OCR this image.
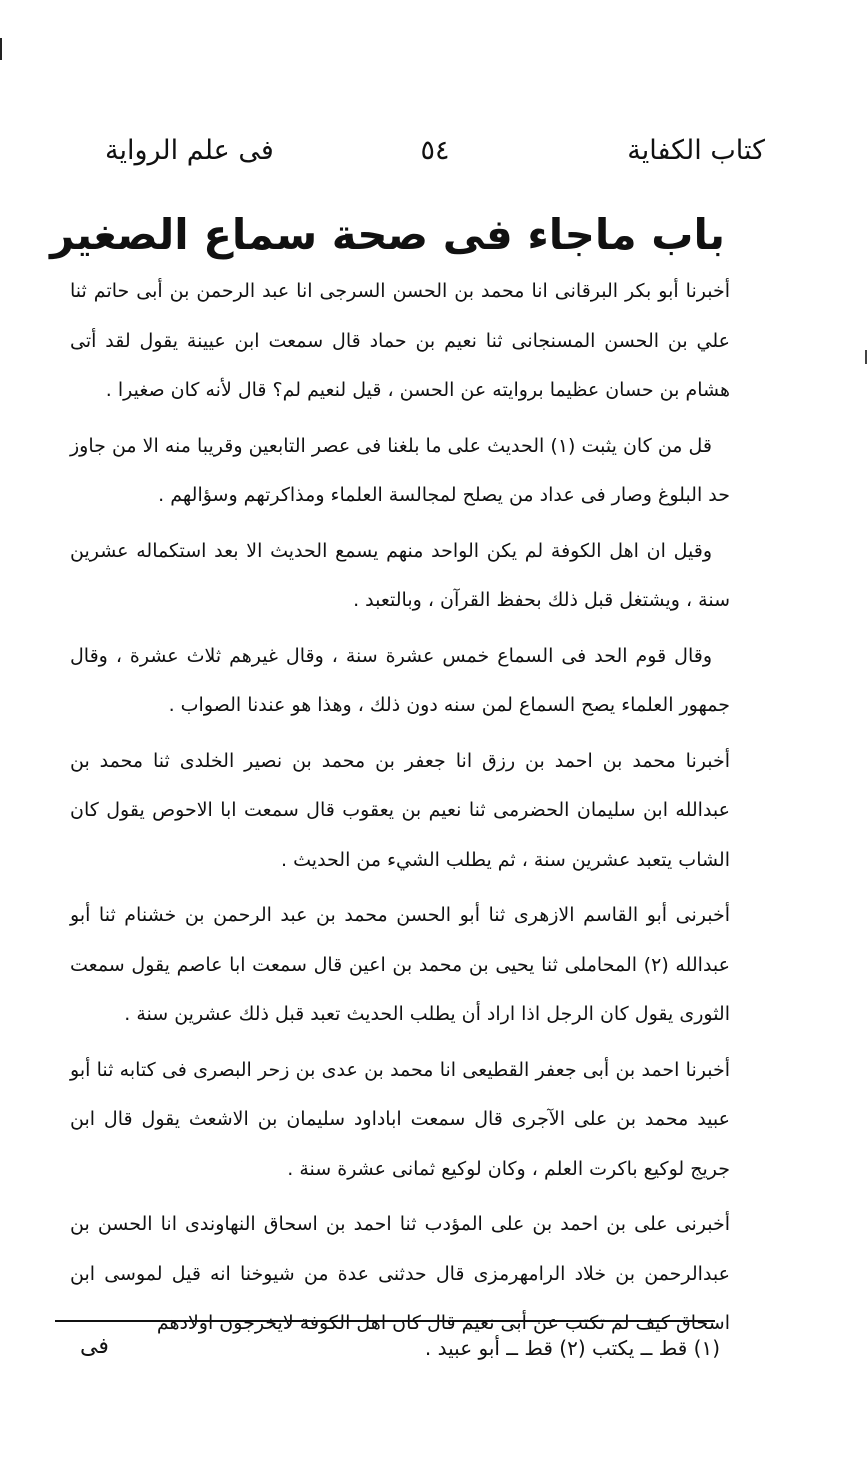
كتاب الكفاية
٥٤
فى علم الرواية
باب ماجاء فى صحة سماع الصغير

أخبرنا أبو بكر البرقانى انا محمد بن الحسن السرجى انا عبد الرحمن بن أبى حاتم ثنا علي بن الحسن المسنجانى ثنا نعيم بن حماد قال سمعت ابن عيينة يقول لقد أتى هشام بن حسان عظيما بروايته عن الحسن ، قيل لنعيم لم؟ قال لأنه كان صغيرا .

قل من كان يثبت (١) الحديث على ما بلغنا فى عصر التابعين وقريبا منه الا من جاوز حد البلوغ وصار فى عداد من يصلح لمجالسة العلماء ومذاكرتهم وسؤالهم .

وقيل ان اهل الكوفة لم يكن الواحد منهم يسمع الحديث الا بعد استكماله عشرين سنة ، ويشتغل قبل ذلك بحفظ القرآن ، وبالتعبد .

وقال قوم الحد فى السماع خمس عشرة سنة ، وقال غيرهم ثلاث عشرة ، وقال جمهور العلماء يصح السماع لمن سنه دون ذلك ، وهذا هو عندنا الصواب .

أخبرنا محمد بن احمد بن رزق انا جعفر بن محمد بن نصير الخلدى ثنا محمد بن عبدالله ابن سليمان الحضرمى ثنا نعيم بن يعقوب قال سمعت ابا الاحوص يقول كان الشاب يتعبد عشرين سنة ، ثم يطلب الشيء من الحديث .

أخبرنى أبو القاسم الازهرى ثنا أبو الحسن محمد بن عبد الرحمن بن خشنام ثنا أبو عبدالله (٢) المحاملى ثنا يحيى بن محمد بن اعين قال سمعت ابا عاصم يقول سمعت الثورى يقول كان الرجل اذا اراد أن يطلب الحديث تعبد قبل ذلك عشرين سنة .

أخبرنا احمد بن أبى جعفر القطيعى انا محمد بن عدى بن زحر البصرى فى كتابه ثنا أبو عبيد محمد بن على الآجرى قال سمعت اباداود سليمان بن الاشعث يقول قال ابن جريج لوكيع باكرت العلم ، وكان لوكيع ثمانى عشرة سنة .

أخبرنى على بن احمد بن على المؤدب ثنا احمد بن اسحاق النهاوندى انا الحسن بن عبدالرحمن بن خلاد الرامهرمزى قال حدثنى عدة من شيوخنا انه قيل لموسى ابن اسحاق كيف لم تكتب عن أبى نعيم قال كان اهل الكوفة لايخرجون اولادهم

(١) قط ــ يكتب (٢) قط ــ أبو عبيد .
فى
